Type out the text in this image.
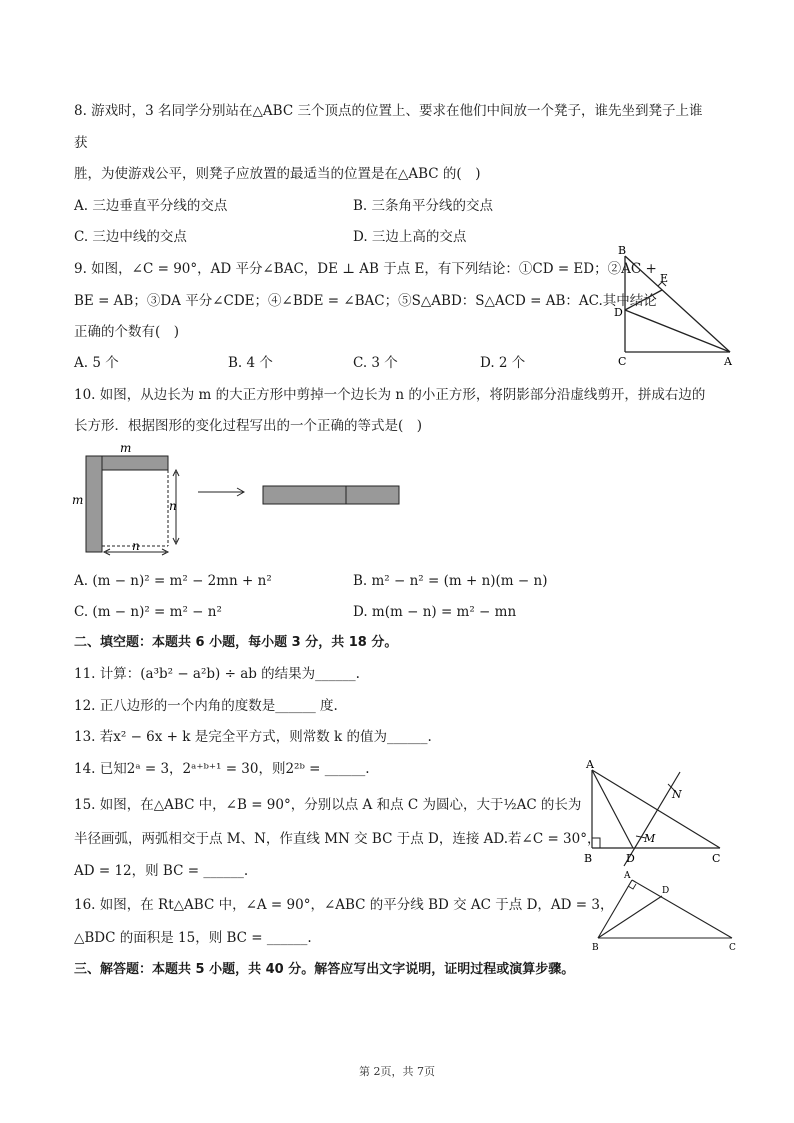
8. 游戏时，3 名同学分别站在△ABC 三个顶点的位置上、要求在他们中间放一个凳子，谁先坐到凳子上谁
获
胜，为使游戏公平，则凳子应放置的最适当的位置是在△ABC 的(　)
A. 三边垂直平分线的交点	B. 三条角平分线的交点
C. 三边中线的交点	D. 三边上高的交点
9. 如图，∠C = 90°，AD 平分∠BAC，DE ⊥ AB 于点 E，有下列结论：①CD = ED；②AC +
BE = AB；③DA 平分∠CDE；④∠BDE = ∠BAC；⑤S△ABD：S△ACD = AB：AC.其中结论
正确的个数有(　)
A. 5 个	B. 4 个	C. 3 个	D. 2 个
B
E
D
C	A
10. 如图，从边长为 m 的大正方形中剪掉一个边长为 n 的小正方形，将阴影部分沿虚线剪开，拼成右边的
长方形．根据图形的变化过程写出的一个正确的等式是(　)
m
m	n
n
A. (m − n)² = m² − 2mn + n²	B. m² − n² = (m + n)(m − n)
C. (m − n)² = m² − n²	D. m(m − n) = m² − mn
二、填空题：本题共 6 小题，每小题 3 分，共 18 分。
11. 计算：(a³b² − a²b) ÷ ab 的结果为______.
12. 正八边形的一个内角的度数是______ 度.
13. 若x² − 6x + k 是完全平方式，则常数 k 的值为______.
14. 已知2ᵃ = 3，2ᵃ⁺ᵇ⁺¹ = 30，则2²ᵇ = ______.
15. 如图，在△ABC 中，∠B = 90°，分别以点 A 和点 C 为圆心，大于½AC 的长为
半径画弧，两弧相交于点 M、N，作直线 MN 交 BC 于点 D，连接 AD.若∠C = 30°，
AD = 12，则 BC = ______.
A
N
M
B	D	C
16. 如图，在 Rt△ABC 中，∠A = 90°，∠ABC 的平分线 BD 交 AC 于点 D，AD = 3，
△BDC 的面积是 15，则 BC = ______.
A
D
B	C
三、解答题：本题共 5 小题，共 40 分。解答应写出文字说明，证明过程或演算步骤。
第 2页，共 7页
